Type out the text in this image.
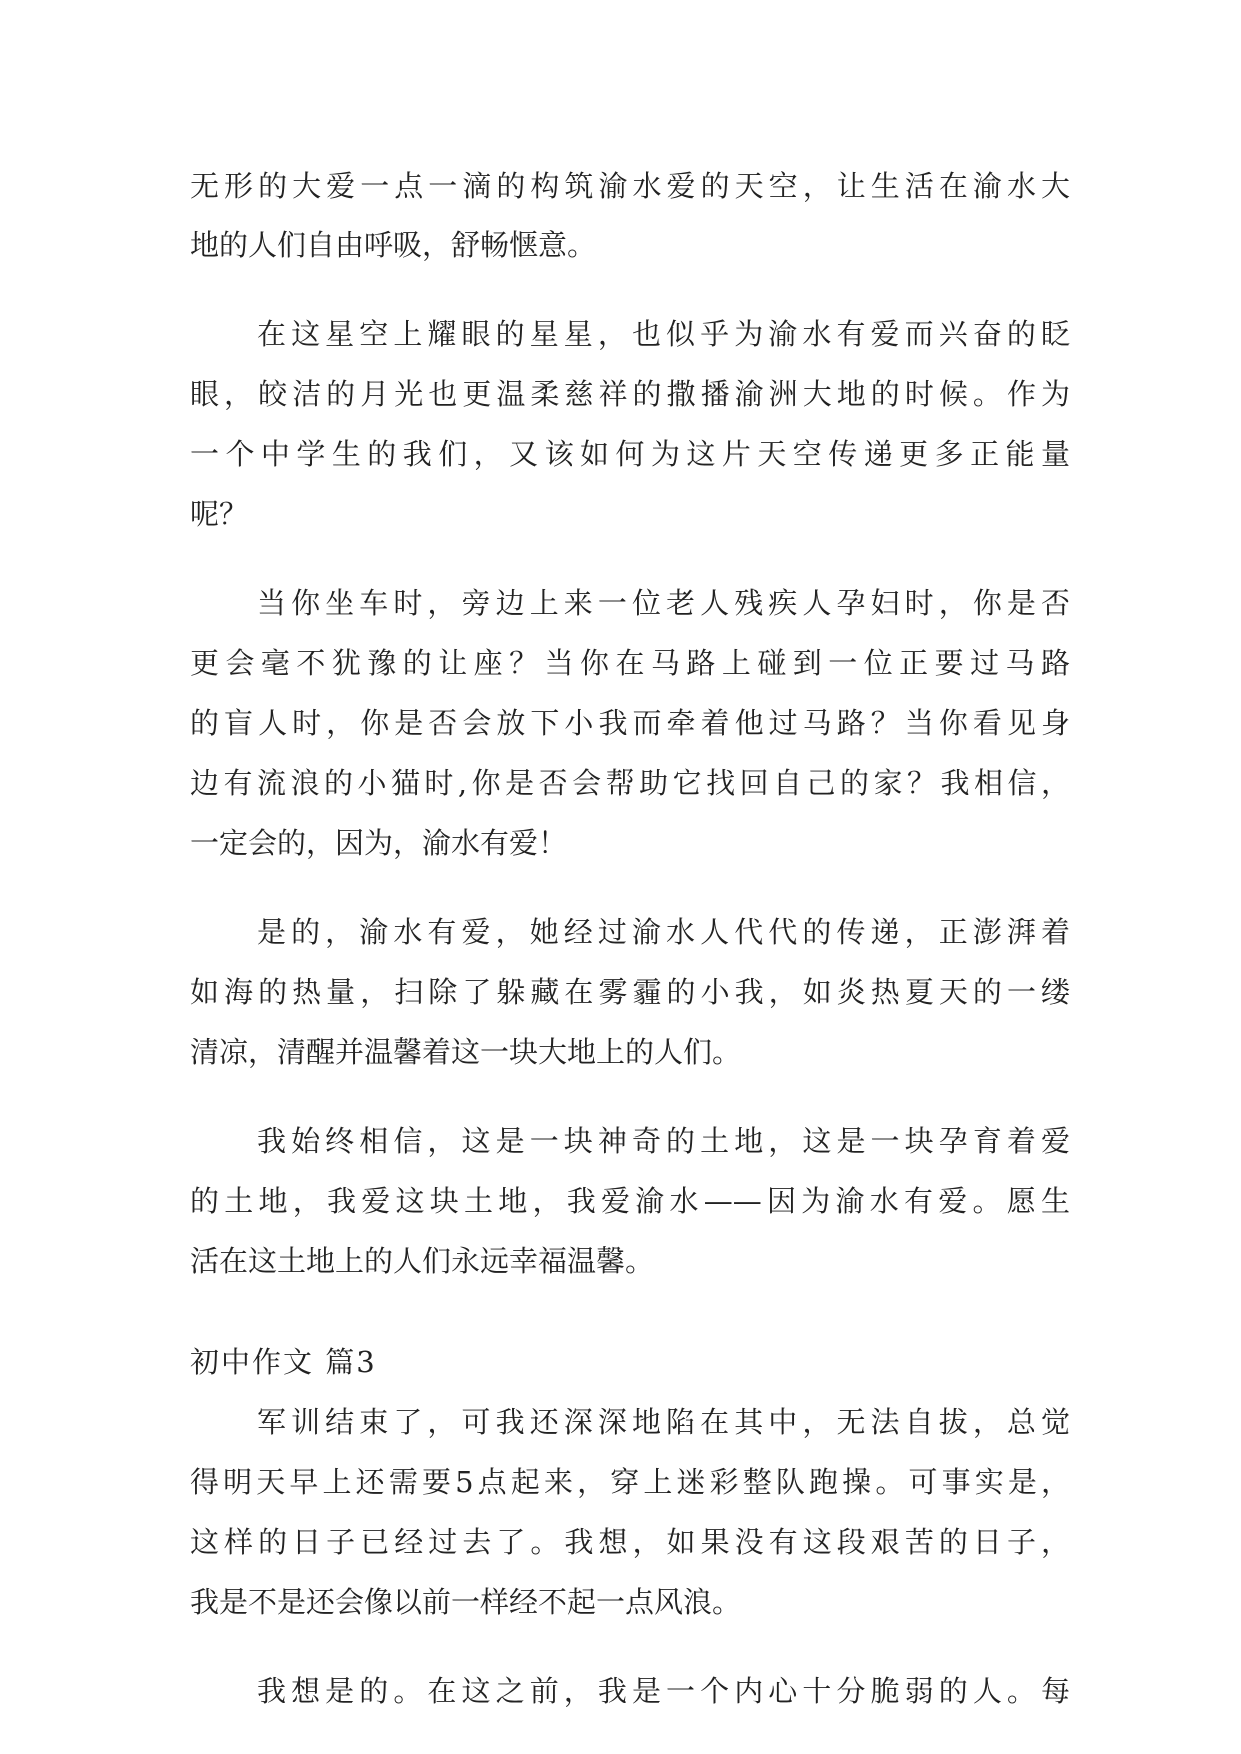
无形的大爱一点一滴的构筑渝水爱的天空，让生活在渝水大
地的人们自由呼吸，舒畅惬意。
在这星空上耀眼的星星，也似乎为渝水有爱而兴奋的眨
眼，皎洁的月光也更温柔慈祥的撒播渝洲大地的时候。作为
一个中学生的我们，又该如何为这片天空传递更多正能量
呢？
当你坐车时，旁边上来一位老人残疾人孕妇时，你是否
更会毫不犹豫的让座？当你在马路上碰到一位正要过马路
的盲人时，你是否会放下小我而牵着他过马路？当你看见身
边有流浪的小猫时,你是否会帮助它找回自己的家？我相信，
一定会的，因为，渝水有爱！
是的，渝水有爱，她经过渝水人代代的传递，正澎湃着
如海的热量，扫除了躲藏在雾霾的小我，如炎热夏天的一缕
清凉，清醒并温馨着这一块大地上的人们。
我始终相信，这是一块神奇的土地，这是一块孕育着爱
的土地，我爱这块土地，我爱渝水——因为渝水有爱。愿生
活在这土地上的人们永远幸福温馨。
初中作文 篇3
军训结束了，可我还深深地陷在其中，无法自拔，总觉
得明天早上还需要5点起来，穿上迷彩整队跑操。可事实是，
这样的日子已经过去了。我想，如果没有这段艰苦的日子，
我是不是还会像以前一样经不起一点风浪。
我想是的。在这之前，我是一个内心十分脆弱的人。每
